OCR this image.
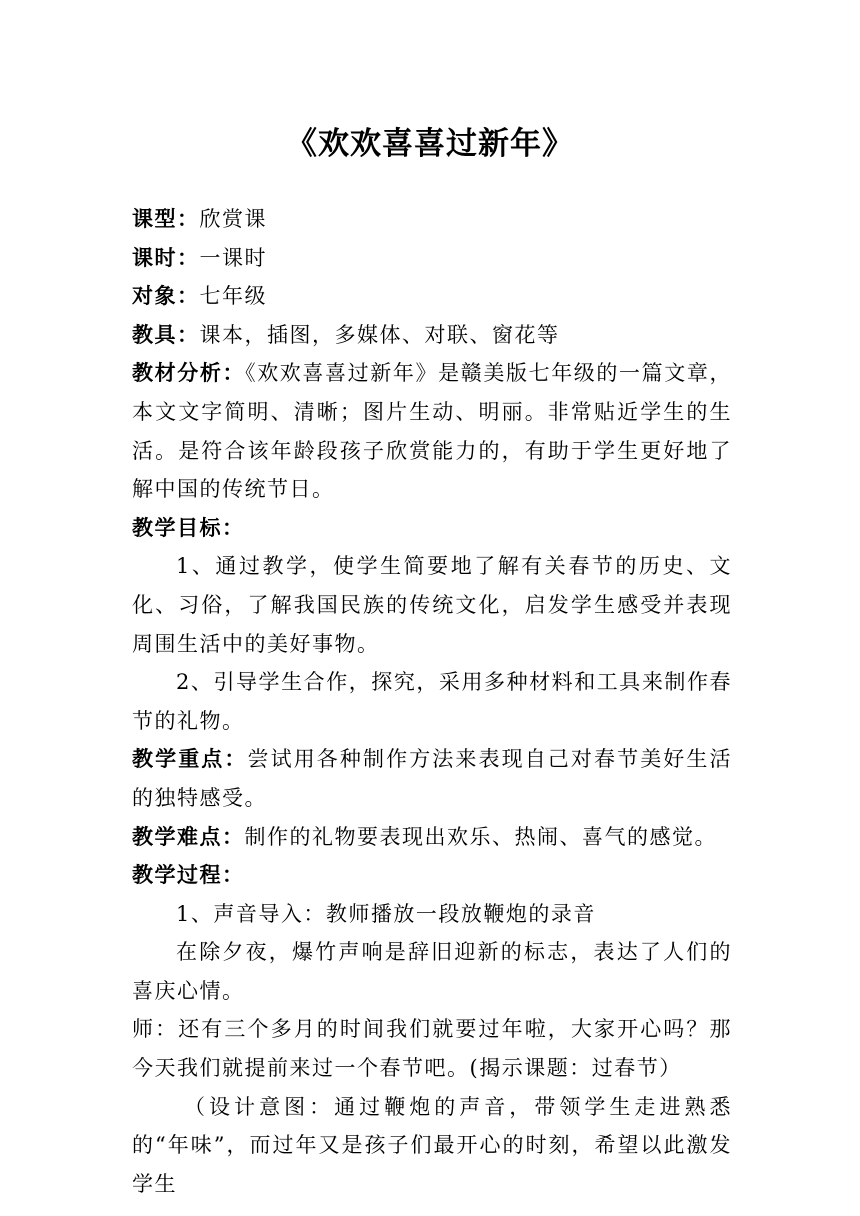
《欢欢喜喜过新年》

课型：欣赏课

课时：一课时

对象：七年级

教具：课本，插图，多媒体、对联、窗花等

教材分析：《欢欢喜喜过新年》是赣美版七年级的一篇文章，本文文字简明、清晰；图片生动、明丽。非常贴近学生的生活。是符合该年龄段孩子欣赏能力的，有助于学生更好地了解中国的传统节日。

教学目标：

1、通过教学，使学生简要地了解有关春节的历史、文化、习俗，了解我国民族的传统文化，启发学生感受并表现周围生活中的美好事物。

2、引导学生合作，探究，采用多种材料和工具来制作春节的礼物。

教学重点：尝试用各种制作方法来表现自己对春节美好生活的独特感受。

教学难点：制作的礼物要表现出欢乐、热闹、喜气的感觉。

教学过程：

1、声音导入：教师播放一段放鞭炮的录音

在除夕夜，爆竹声响是辞旧迎新的标志，表达了人们的喜庆心情。

师：还有三个多月的时间我们就要过年啦，大家开心吗？那今天我们就提前来过一个春节吧。(揭示课题：过春节）

（设计意图：通过鞭炮的声音，带领学生走进熟悉的“年味”，而过年又是孩子们最开心的时刻，希望以此激发学生
